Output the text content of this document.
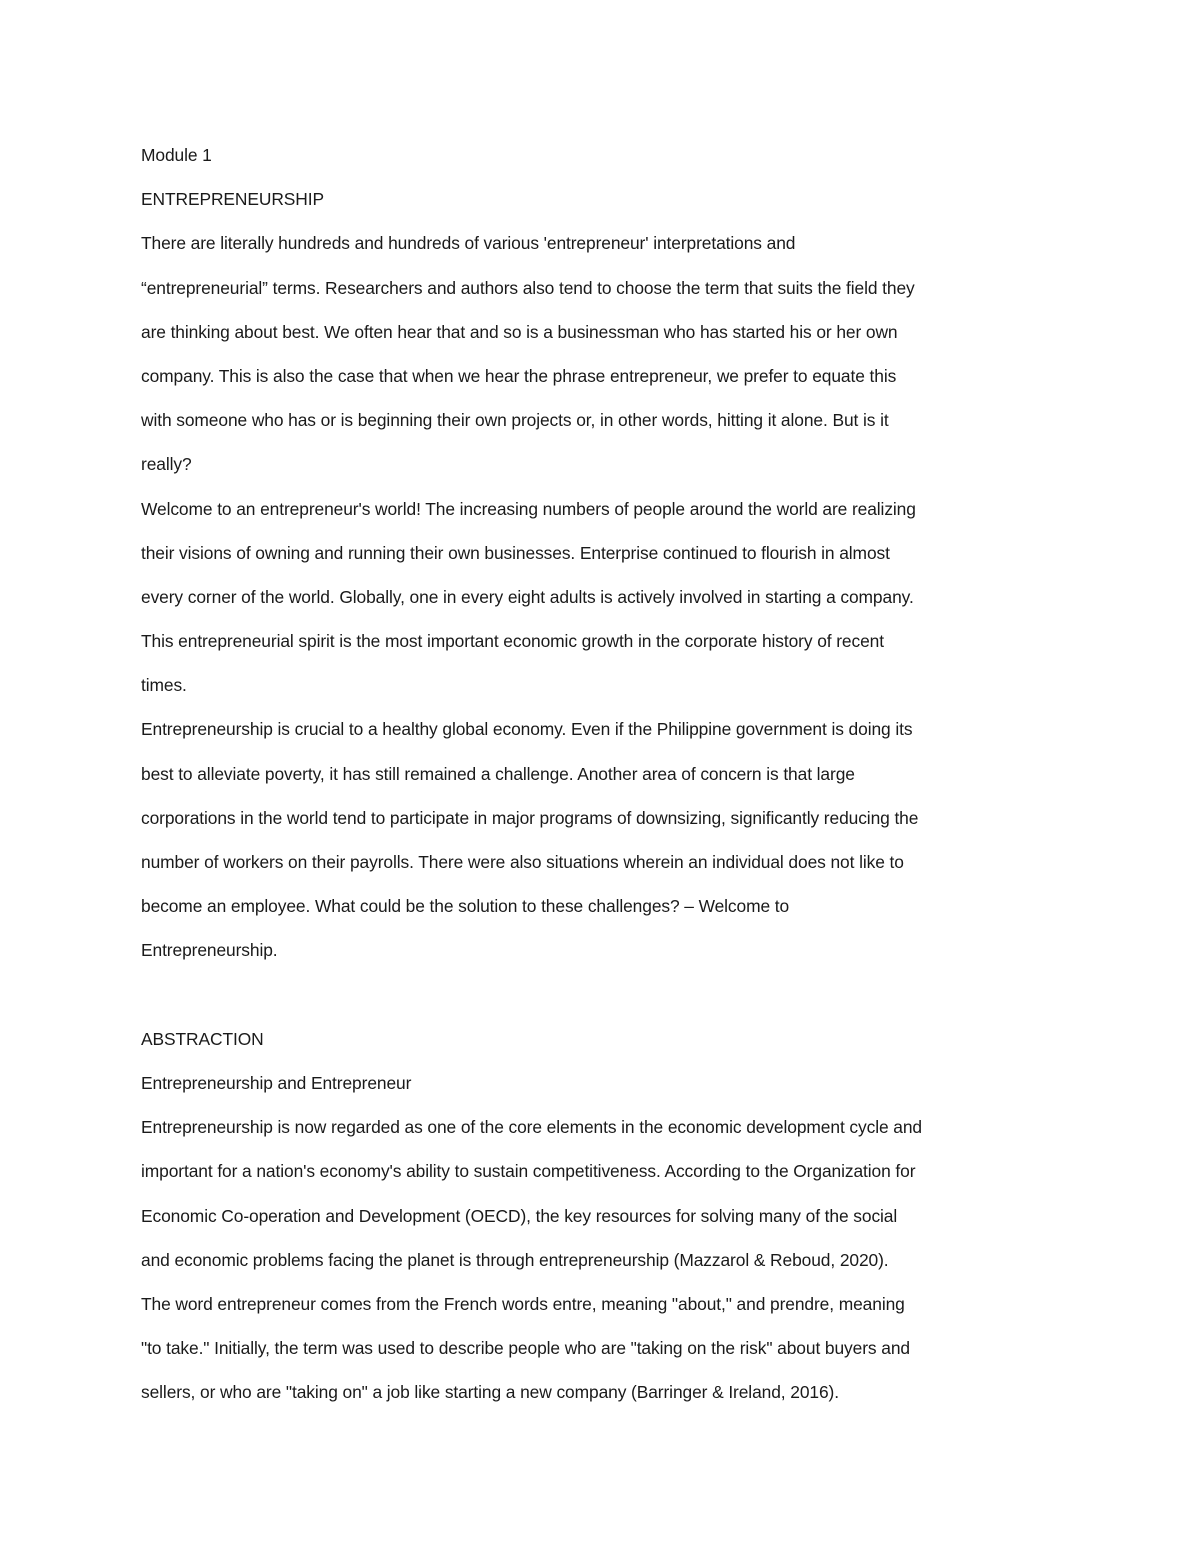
Module 1
ENTREPRENEURSHIP
There are literally hundreds and hundreds of various 'entrepreneur' interpretations and
“entrepreneurial” terms. Researchers and authors also tend to choose the term that suits the field they
are thinking about best. We often hear that and so is a businessman who has started his or her own
company. This is also the case that when we hear the phrase entrepreneur, we prefer to equate this
with someone who has or is beginning their own projects or, in other words, hitting it alone. But is it
really?
Welcome to an entrepreneur's world! The increasing numbers of people around the world are realizing
their visions of owning and running their own businesses. Enterprise continued to flourish in almost
every corner of the world. Globally, one in every eight adults is actively involved in starting a company.
This entrepreneurial spirit is the most important economic growth in the corporate history of recent
times.
Entrepreneurship is crucial to a healthy global economy. Even if the Philippine government is doing its
best to alleviate poverty, it has still remained a challenge. Another area of concern is that large
corporations in the world tend to participate in major programs of downsizing, significantly reducing the
number of workers on their payrolls. There were also situations wherein an individual does not like to
become an employee. What could be the solution to these challenges? – Welcome to
Entrepreneurship.
ABSTRACTION
Entrepreneurship and Entrepreneur
Entrepreneurship is now regarded as one of the core elements in the economic development cycle and
important for a nation's economy's ability to sustain competitiveness. According to the Organization for
Economic Co-operation and Development (OECD), the key resources for solving many of the social
and economic problems facing the planet is through entrepreneurship (Mazzarol & Reboud, 2020).
The word entrepreneur comes from the French words entre, meaning "about," and prendre, meaning
"to take." Initially, the term was used to describe people who are "taking on the risk" about buyers and
sellers, or who are "taking on" a job like starting a new company (Barringer & Ireland, 2016).
